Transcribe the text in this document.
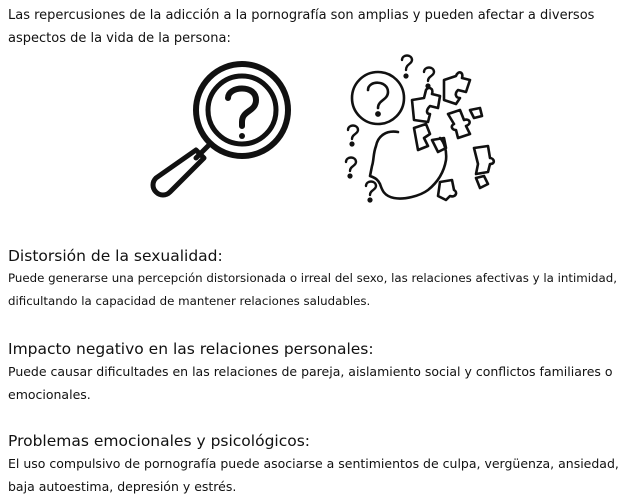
Las repercusiones de la adicción a la pornografía son amplias y pueden afectar a diversos aspectos de la vida de la persona:

Distorsión de la sexualidad:

Puede generarse una percepción distorsionada o irreal del sexo, las relaciones afectivas y la intimidad, dificultando la capacidad de mantener relaciones saludables.

Impacto negativo en las relaciones personales:

Puede causar dificultades en las relaciones de pareja, aislamiento social y conflictos familiares o emocionales.

Problemas emocionales y psicológicos:

El uso compulsivo de pornografía puede asociarse a sentimientos de culpa, vergüenza, ansiedad, baja autoestima, depresión y estrés.
